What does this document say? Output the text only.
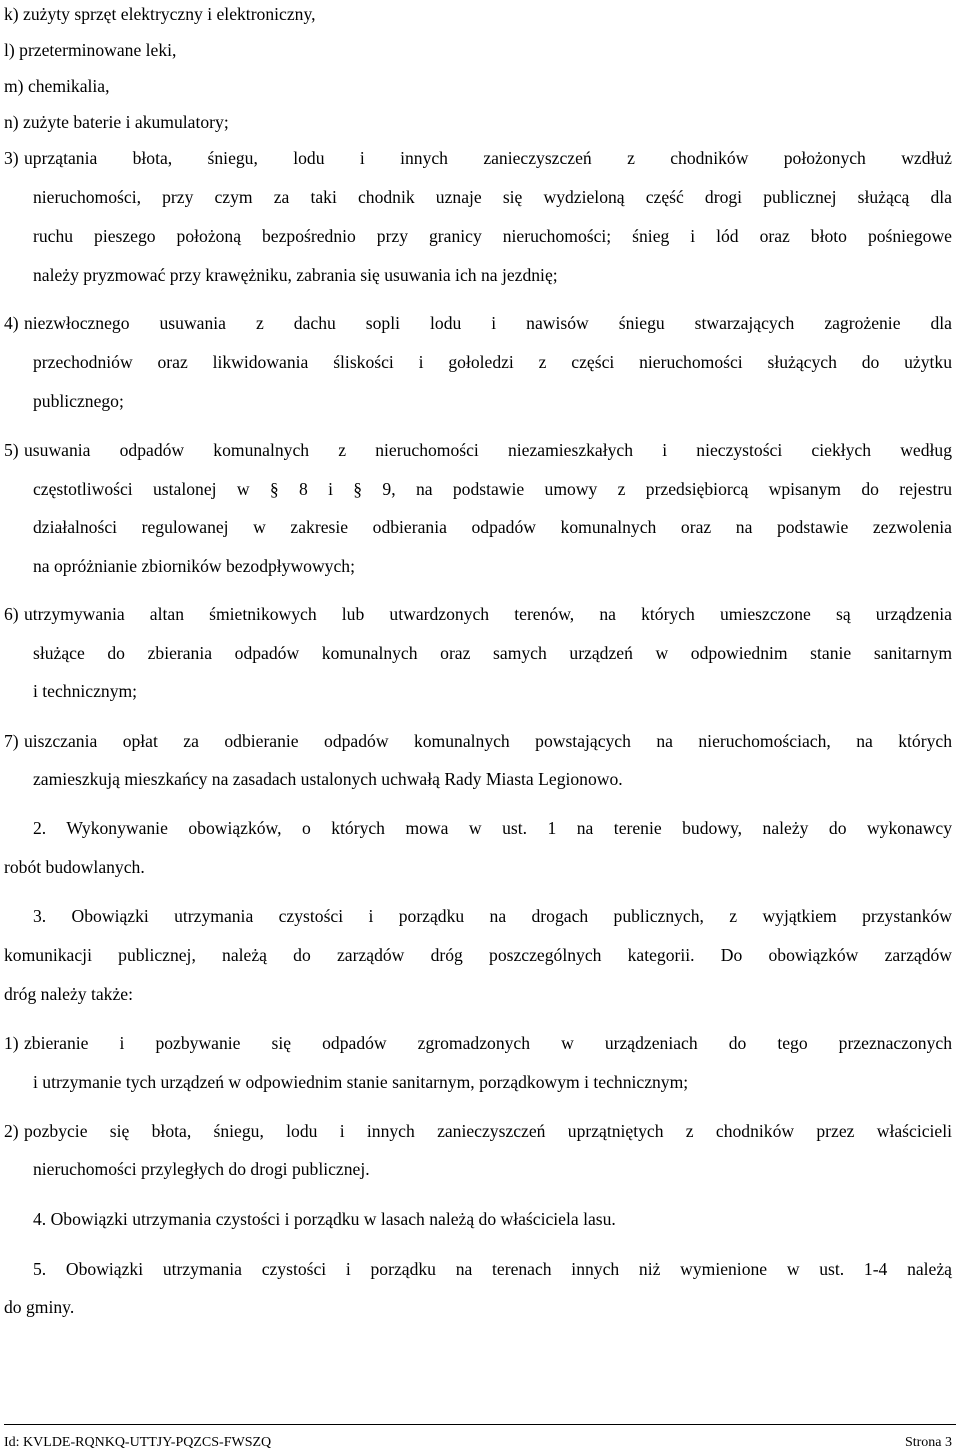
k) zużyty sprzęt elektryczny i elektroniczny,
l) przeterminowane leki,
m) chemikalia,
n) zużyte baterie i akumulatory;
3) uprzątania błota, śniegu, lodu i innych zanieczyszczeń z chodników położonych wzdłuż
nieruchomości, przy czym za taki chodnik uznaje się wydzieloną część drogi publicznej służącą dla
ruchu pieszego położoną bezpośrednio przy granicy nieruchomości; śnieg i lód oraz błoto pośniegowe
należy pryzmować przy krawężniku, zabrania się usuwania ich na jezdnię;
4) niezwłocznego usuwania z dachu sopli lodu i nawisów śniegu stwarzających zagrożenie dla
przechodniów oraz likwidowania śliskości i gołoledzi z części nieruchomości służących do użytku
publicznego;
5) usuwania odpadów komunalnych z nieruchomości niezamieszkałych i nieczystości ciekłych według
częstotliwości ustalonej w § 8 i § 9, na podstawie umowy z przedsiębiorcą wpisanym do rejestru
działalności regulowanej w zakresie odbierania odpadów komunalnych oraz na podstawie zezwolenia
na opróżnianie zbiorników bezodpływowych;
6) utrzymywania altan śmietnikowych lub utwardzonych terenów, na których umieszczone są urządzenia
służące do zbierania odpadów komunalnych oraz samych urządzeń w odpowiednim stanie sanitarnym
i technicznym;
7) uiszczania opłat za odbieranie odpadów komunalnych powstających na nieruchomościach, na których
zamieszkują mieszkańcy na zasadach ustalonych uchwałą Rady Miasta Legionowo.
2. Wykonywanie obowiązków, o których mowa w ust. 1 na terenie budowy, należy do wykonawcy
robót budowlanych.
3. Obowiązki utrzymania czystości i porządku na drogach publicznych, z wyjątkiem przystanków
komunikacji publicznej, należą do zarządów dróg poszczególnych kategorii. Do obowiązków zarządów
dróg należy także:
1) zbieranie i pozbywanie się odpadów zgromadzonych w urządzeniach do tego przeznaczonych
i utrzymanie tych urządzeń w odpowiednim stanie sanitarnym, porządkowym i technicznym;
2) pozbycie się błota, śniegu, lodu i innych zanieczyszczeń uprzątniętych z chodników przez właścicieli
nieruchomości przyległych do drogi publicznej.
4. Obowiązki utrzymania czystości i porządku w lasach należą do właściciela lasu.
5. Obowiązki utrzymania czystości i porządku na terenach innych niż wymienione w ust. 1-4 należą
do gminy.
Id: KVLDE-RQNKQ-UTTJY-PQZCS-FWSZQ	Strona 3
